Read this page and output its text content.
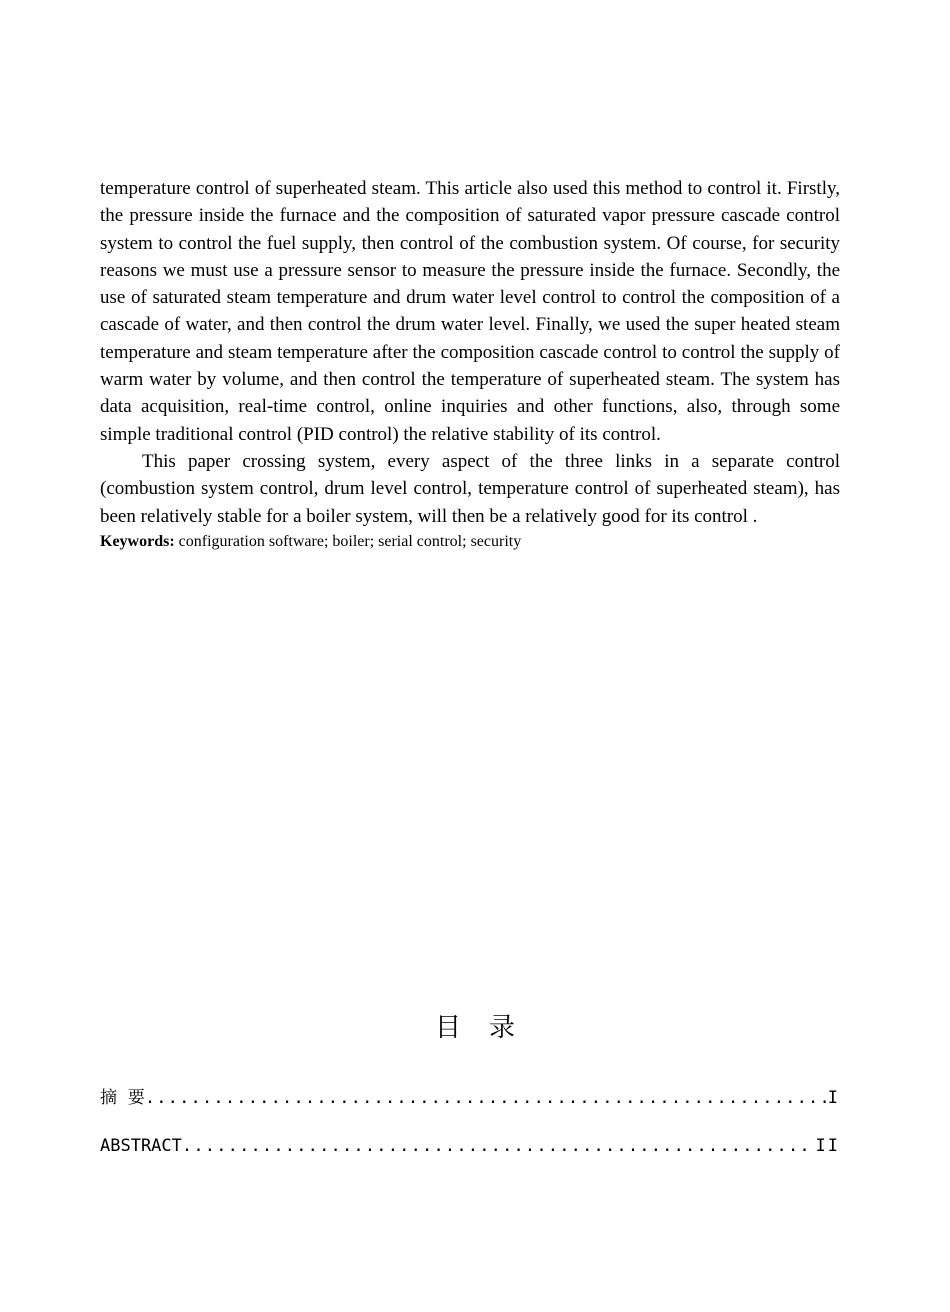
temperature control of superheated steam. This article also used this method to control it. Firstly, the pressure inside the furnace and the composition of saturated vapor pressure cascade control system to control the fuel supply, then control of the combustion system. Of course, for security reasons we must use a pressure sensor to measure the pressure inside the furnace. Secondly, the use of saturated steam temperature and drum water level control to control the composition of a cascade of water, and then control the drum water level. Finally, we used the super heated steam temperature and steam temperature after the composition cascade control to control the supply of warm water by volume, and then control the temperature of superheated steam. The system has data acquisition, real-time control, online inquiries and other functions, also, through some simple traditional control (PID control) the relative stability of its control.

This paper crossing system, every aspect of the three links in a separate control (combustion system control, drum level control, temperature control of superheated steam), has been relatively stable for a boiler system, will then be a relatively good for its control .

Keywords: configuration software; boiler; serial control; security

目 录
摘  要 .....	I
ABSTRACT .....	II
